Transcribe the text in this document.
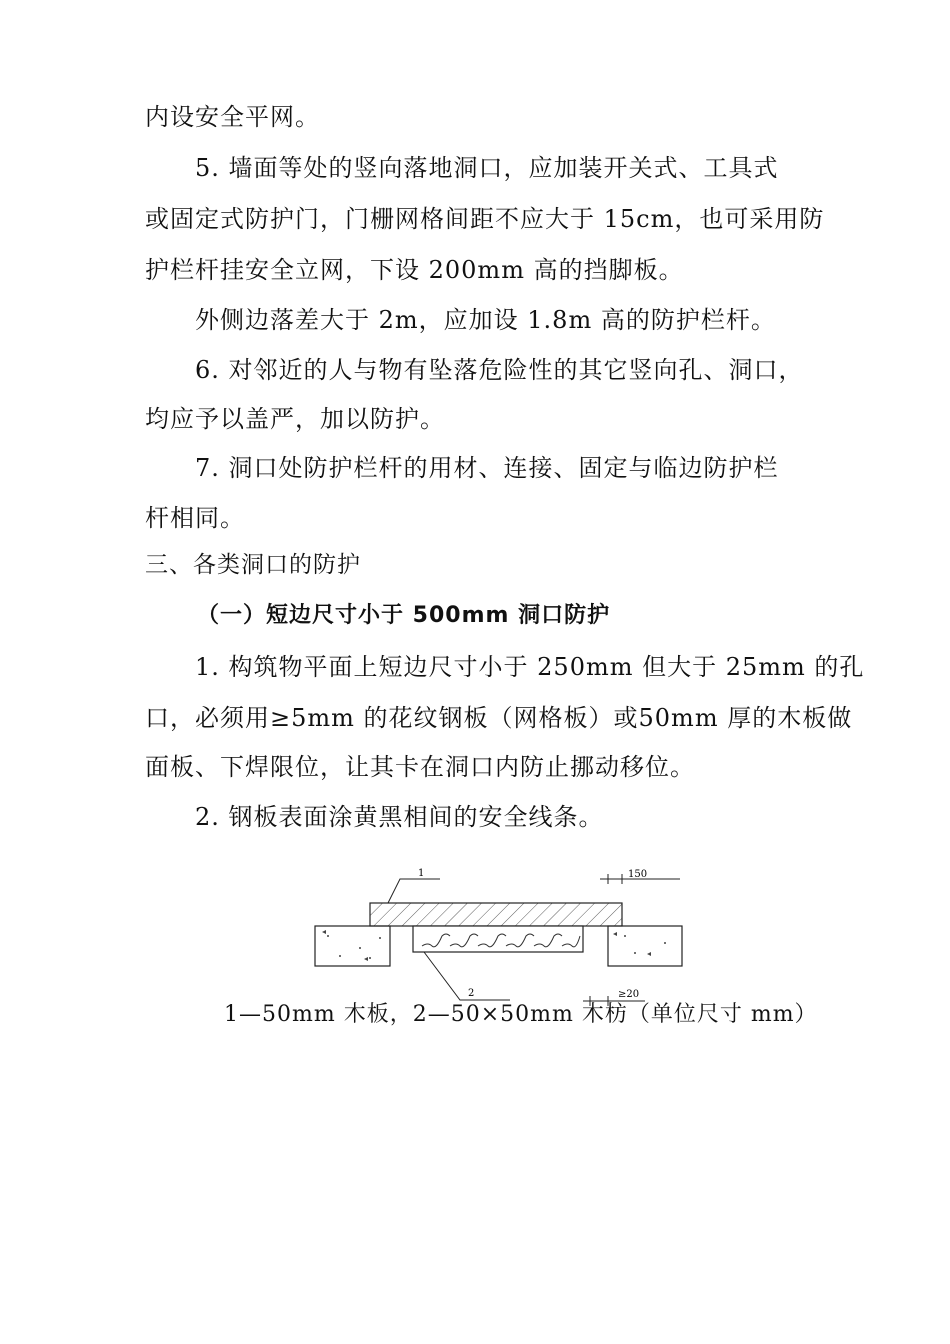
内设安全平网。
5. 墙面等处的竖向落地洞口，应加装开关式、工具式
或固定式防护门，门栅网格间距不应大于 15cm，也可采用防
护栏杆挂安全立网，下设 200mm 高的挡脚板。
外侧边落差大于 2m，应加设 1.8m 高的防护栏杆。
6. 对邻近的人与物有坠落危险性的其它竖向孔、洞口，
均应予以盖严，加以防护。
7. 洞口处防护栏杆的用材、连接、固定与临边防护栏
杆相同。
三、各类洞口的防护
（一）短边尺寸小于 500mm 洞口防护
1. 构筑物平面上短边尺寸小于 250mm 但大于 25mm 的孔
口，必须用≥5mm 的花纹钢板（网格板）或50mm 厚的木板做
面板、下焊限位，让其卡在洞口内防止挪动移位。
2. 钢板表面涂黄黑相间的安全线条。
1
2
150
≥20
1—50mm 木板，2—50×50mm 木枋（单位尺寸 mm）
